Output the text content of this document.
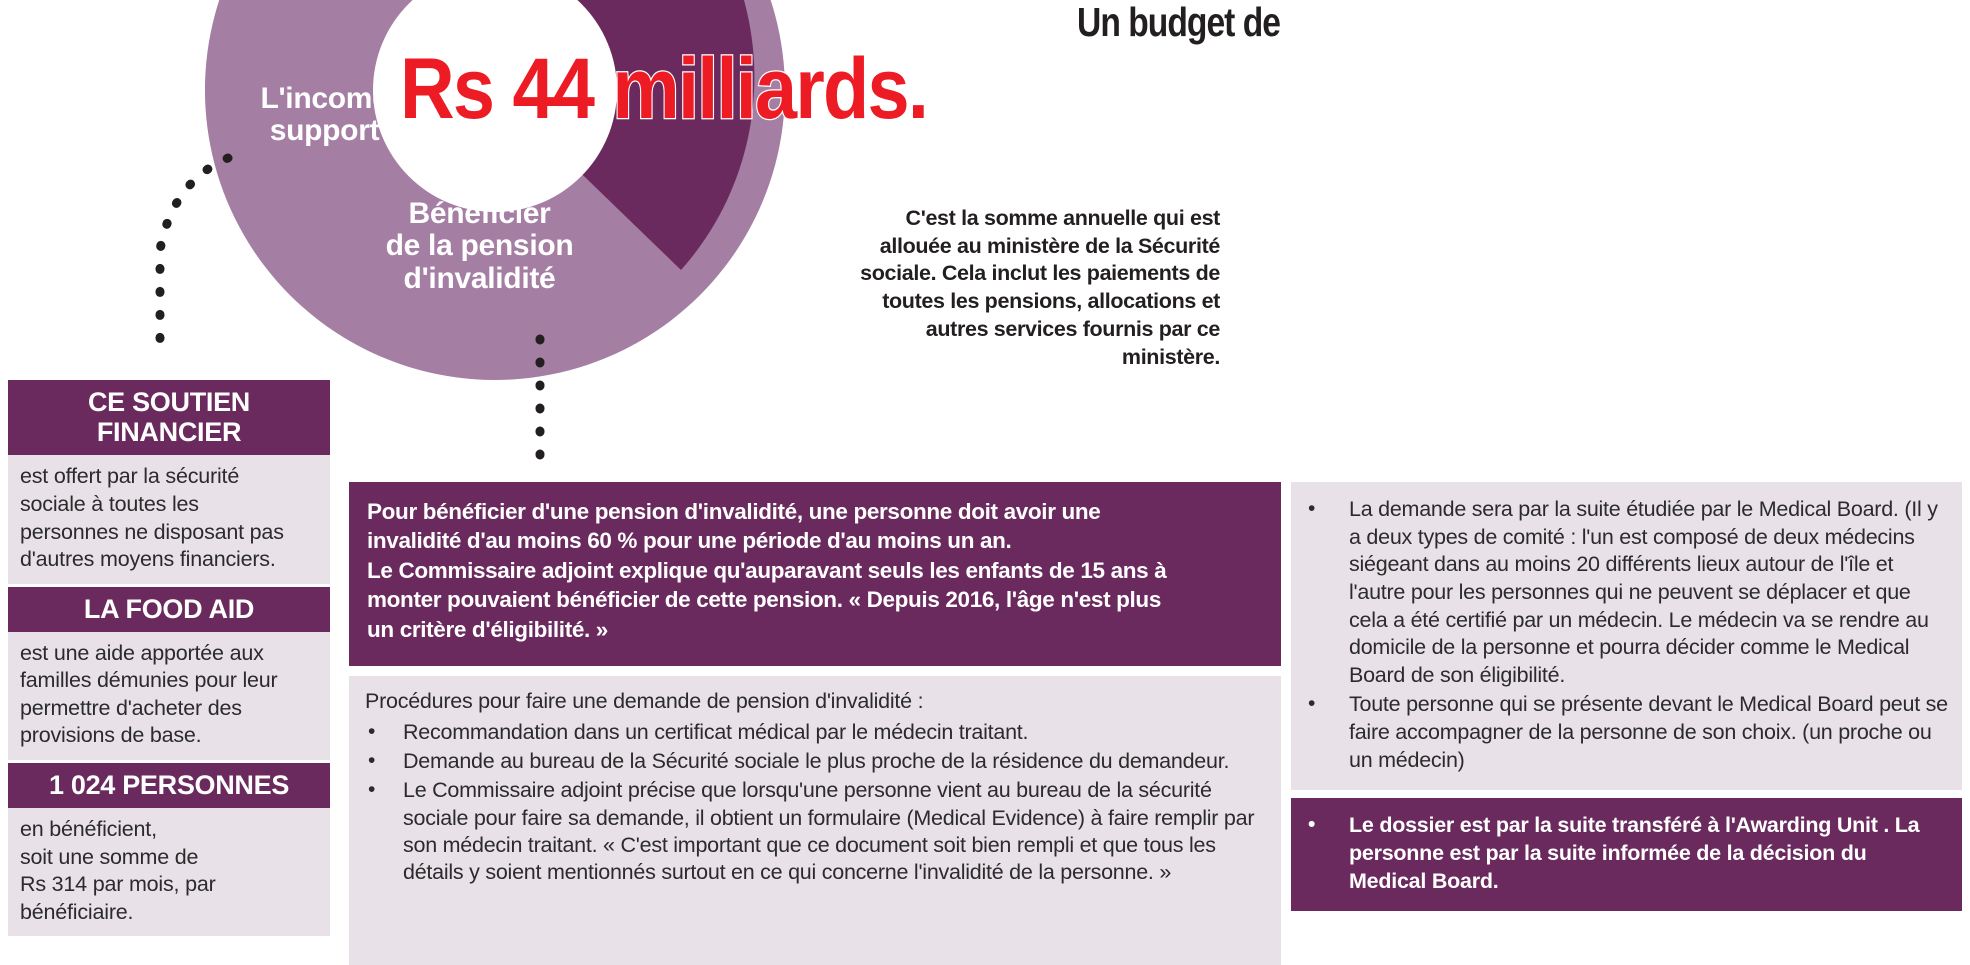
L'income
support
Bénéficier
de la pension
d'invalidité
Un budget de
Rs 44 milliards.
C'est la somme annuelle qui est allouée au ministère de la Sécurité sociale. Cela inclut les paiements de toutes les pensions, allocations et autres services fournis par ce ministère.
CE SOUTIEN
FINANCIER
est offert par la sécurité
sociale à toutes les
personnes ne disposant pas
d'autres moyens financiers.
LA FOOD AID
est une aide apportée aux
familles démunies pour leur
permettre d'acheter des
provisions de base.
1 024 PERSONNES
en bénéficient,
soit une somme de
Rs 314 par mois, par
bénéficiaire.
Pour bénéficier d'une pension d'invalidité, une personne doit avoir une
invalidité d'au moins 60 % pour une période d'au moins un an.
Le Commissaire adjoint explique qu'auparavant seuls les enfants de 15 ans à
monter pouvaient bénéficier de cette pension. « Depuis 2016, l'âge n'est plus
un critère d'éligibilité. »
Procédures pour faire une demande de pension d'invalidité :
•	Recommandation dans un certificat médical par le médecin traitant.
•	Demande au bureau de la Sécurité sociale le plus proche de la résidence du demandeur.
•	Le Commissaire adjoint précise que lorsqu'une personne vient au bureau de la sécurité sociale pour faire sa demande, il obtient un formulaire (Medical Evidence) à faire remplir par son médecin traitant. « C'est important que ce document soit bien rempli et que tous les détails y soient mentionnés surtout en ce qui concerne l'invalidité de la personne. »
•	La demande sera par la suite étudiée par le Medical Board. (Il y a deux types de comité : l'un est composé de deux médecins siégeant dans au moins 20 différents lieux autour de l'île et l'autre pour les personnes qui ne peuvent se déplacer et que cela a été certifié par un médecin. Le médecin va se rendre au domicile de la personne et pourra décider comme le Medical Board de son éligibilité.
•	Toute personne qui se présente devant le Medical Board peut se faire accompagner de la personne de son choix. (un proche ou un médecin)
•	Le dossier est par la suite transféré à l'Awarding Unit . La personne est par la suite informée de la décision du Medical Board.
